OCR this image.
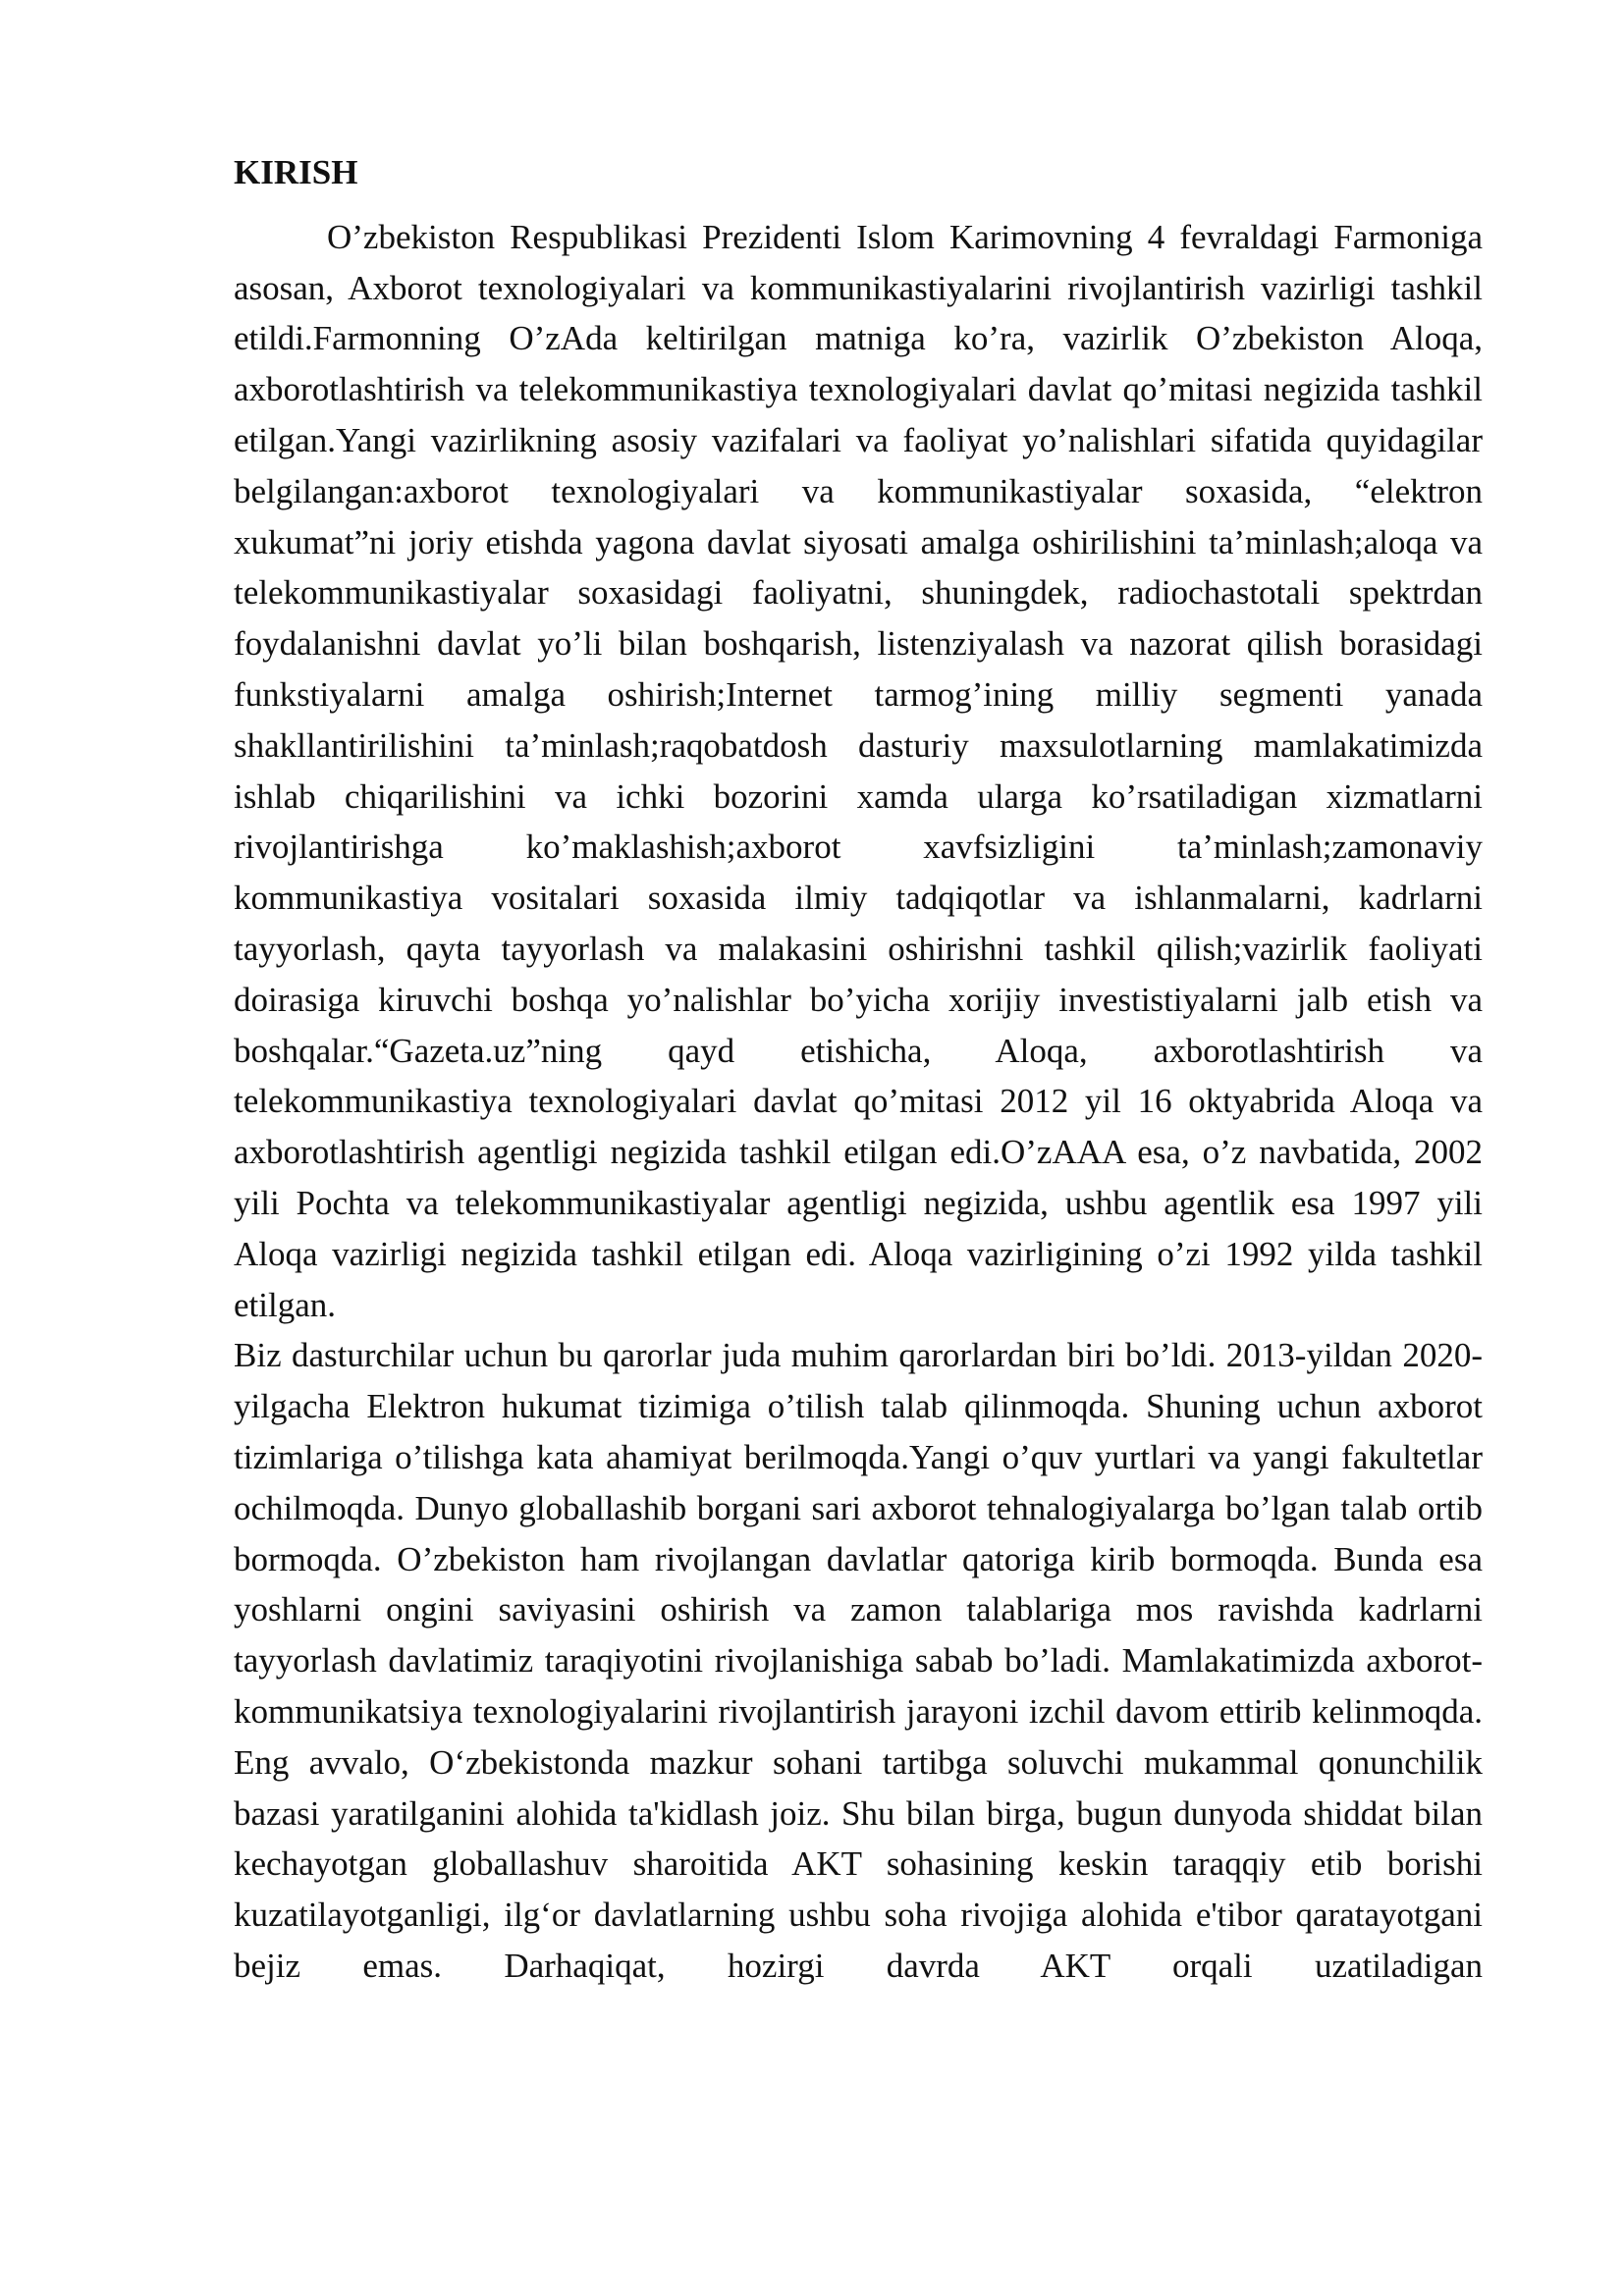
KIRISH

O’zbekiston Respublikasi Prezidenti Islom Karimovning 4 fevraldagi Farmoniga asosan, Axborot texnologiyalari va kommunikastiyalarini rivojlantirish vazirligi tashkil etildi.Farmonning O’zAda keltirilgan matniga ko’ra, vazirlik O’zbekiston Aloqa, axborotlashtirish va telekommunikastiya texnologiyalari davlat qo’mitasi negizida tashkil etilgan.Yangi vazirlikning asosiy vazifalari va faoliyat yo’nalishlari sifatida quyidagilar belgilangan:axborot texnologiyalari va kommunikastiyalar soxasida, “elektron xukumat”ni joriy etishda yagona davlat siyosati amalga oshirilishini ta’minlash;aloqa va telekommunikastiyalar soxasidagi faoliyatni, shuningdek, radiochastotali spektrdan foydalanishni davlat yo’li bilan boshqarish, listenziyalash va nazorat qilish borasidagi funkstiyalarni amalga oshirish;Internet tarmog’ining milliy segmenti yanada shakllantirilishini ta’minlash;raqobatdosh dasturiy maxsulotlarning mamlakatimizda ishlab chiqarilishini va ichki bozorini xamda ularga ko’rsatiladigan xizmatlarni rivojlantirishga ko’maklashish;axborot xavfsizligini ta’minlash;zamonaviy kommunikastiya vositalari soxasida ilmiy tadqiqotlar va ishlanmalarni, kadrlarni tayyorlash, qayta tayyorlash va malakasini oshirishni tashkil qilish;vazirlik faoliyati doirasiga kiruvchi boshqa yo’nalishlar bo’yicha xorijiy investistiyalarni jalb etish va boshqalar.“Gazeta.uz”ning qayd etishicha, Aloqa, axborotlashtirish va telekommunikastiya texnologiyalari davlat qo’mitasi 2012 yil 16 oktyabrida Aloqa va axborotlashtirish agentligi negizida tashkil etilgan edi.O’zAAA esa, o’z navbatida, 2002 yili Pochta va telekommunikastiyalar agentligi negizida, ushbu agentlik esa 1997 yili Aloqa vazirligi negizida tashkil etilgan edi. Aloqa vazirligining o’zi 1992 yilda tashkil etilgan.

Biz dasturchilar uchun bu qarorlar juda muhim qarorlardan biri bo’ldi. 2013-yildan 2020-yilgacha Elektron hukumat tizimiga o’tilish talab qilinmoqda. Shuning uchun axborot tizimlariga o’tilishga kata ahamiyat berilmoqda.Yangi o’quv yurtlari va yangi fakultetlar ochilmoqda. Dunyo globallashib borgani sari axborot tehnalogiyalarga bo’lgan talab ortib bormoqda. O’zbekiston ham rivojlangan davlatlar qatoriga kirib bormoqda. Bunda esa yoshlarni ongini saviyasini oshirish va zamon talablariga mos ravishda kadrlarni tayyorlash davlatimiz taraqiyotini rivojlanishiga sabab bo’ladi. Mamlakatimizda axborot-kommunikatsiya texnologiyalarini rivojlantirish jarayoni izchil davom ettirib kelinmoqda. Eng avvalo, O‘zbekistonda mazkur sohani tartibga soluvchi mukammal qonunchilik bazasi yaratilganini alohida ta'kidlash joiz. Shu bilan birga, bugun dunyoda shiddat bilan kechayotgan globallashuv sharoitida AKT sohasining keskin taraqqiy etib borishi kuzatilayotganligi, ilg‘or davlatlarning ushbu soha rivojiga alohida e'tibor qaratayotgani bejiz emas. Darhaqiqat, hozirgi davrda AKT orqali uzatiladigan
